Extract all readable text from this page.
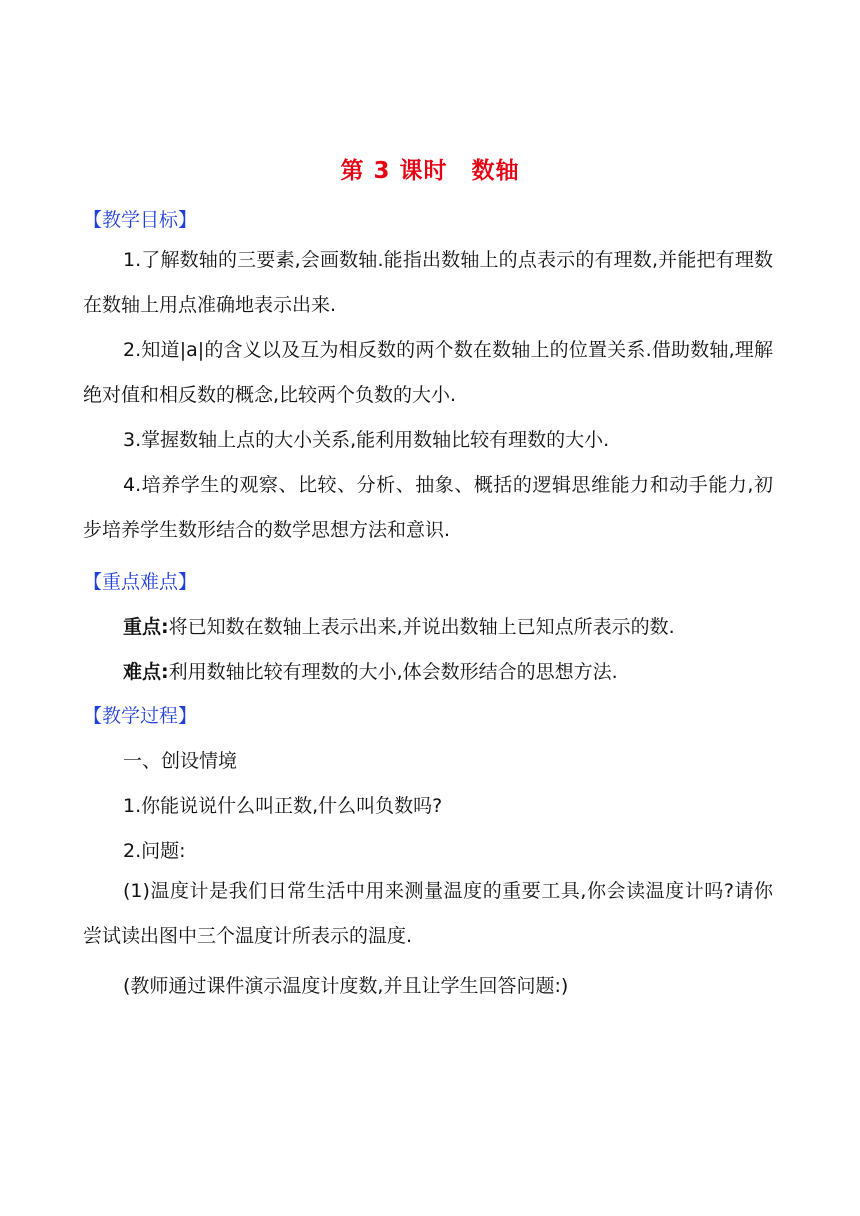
第 3 课时　数轴
【教学目标】
1.了解数轴的三要素,会画数轴.能指出数轴上的点表示的有理数,并能把有理数在数轴上用点准确地表示出来.
2.知道|a|的含义以及互为相反数的两个数在数轴上的位置关系.借助数轴,理解绝对值和相反数的概念,比较两个负数的大小.
3.掌握数轴上点的大小关系,能利用数轴比较有理数的大小.
4.培养学生的观察、比较、分析、抽象、概括的逻辑思维能力和动手能力,初步培养学生数形结合的数学思想方法和意识.
【重点难点】
重点:将已知数在数轴上表示出来,并说出数轴上已知点所表示的数.
难点:利用数轴比较有理数的大小,体会数形结合的思想方法.
【教学过程】
一、创设情境
1.你能说说什么叫正数,什么叫负数吗?
2.问题:
(1)温度计是我们日常生活中用来测量温度的重要工具,你会读温度计吗?请你尝试读出图中三个温度计所表示的温度.
(教师通过课件演示温度计度数,并且让学生回答问题:)
